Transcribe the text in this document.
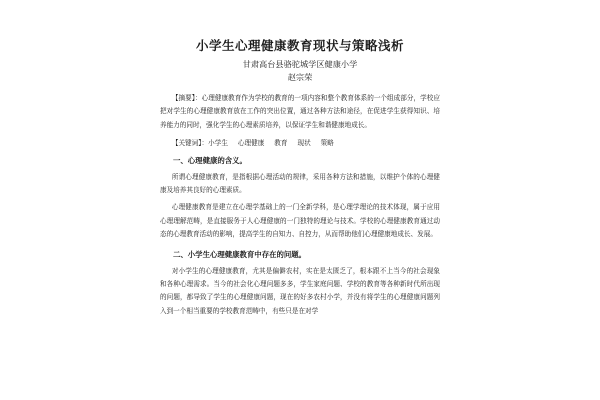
小学生心理健康教育现状与策略浅析
甘肃高台县骆驼城学区健康小学
赵宗荣

【摘要】：心理健康教育作为学校的教育的一项内容和整个教育体系的一个组成部分，学校应把对学生的心理健康教育放在工作的突出位置，通过各种方法和途径，在促进学生获得知识、培养能力的同时，强化学生的心理素质培养，以保证学生和谐健康地成长。

【关键词】：小学生 心理健康 教育 现状 策略
一、心理健康的含义。

所谓心理健康教育，是指根据心理活动的规律，采用各种方法和措施，以维护个体的心理健康及培养其良好的心理素质。

心理健康教育是建立在心理学基础上的一门全新学科，是心理学理论的技术体现，属于应用心理理解范畴，是直接服务于人心理健康的一门独特的理论与技术。学校的心理健康教育通过动态的心理教育活动的影响，提高学生的自知力、自控力，从而帮助他们心理健康地成长、发展。

二、小学生心理健康教育中存在的问题。

对小学生的心理健康教育，尤其是偏僻农村，实在是太匮乏了，根本跟不上当今的社会现象和各种心理需求。当今的社会化心理问题多多，学生家庭问题、学校的教育等各种新时代所出现的问题，都导致了学生的心理健康问题，现在的好多农村小学，并没有将学生的心理健康问题列入到一个相当重要的学校教育范畴中，有些只是在对学
